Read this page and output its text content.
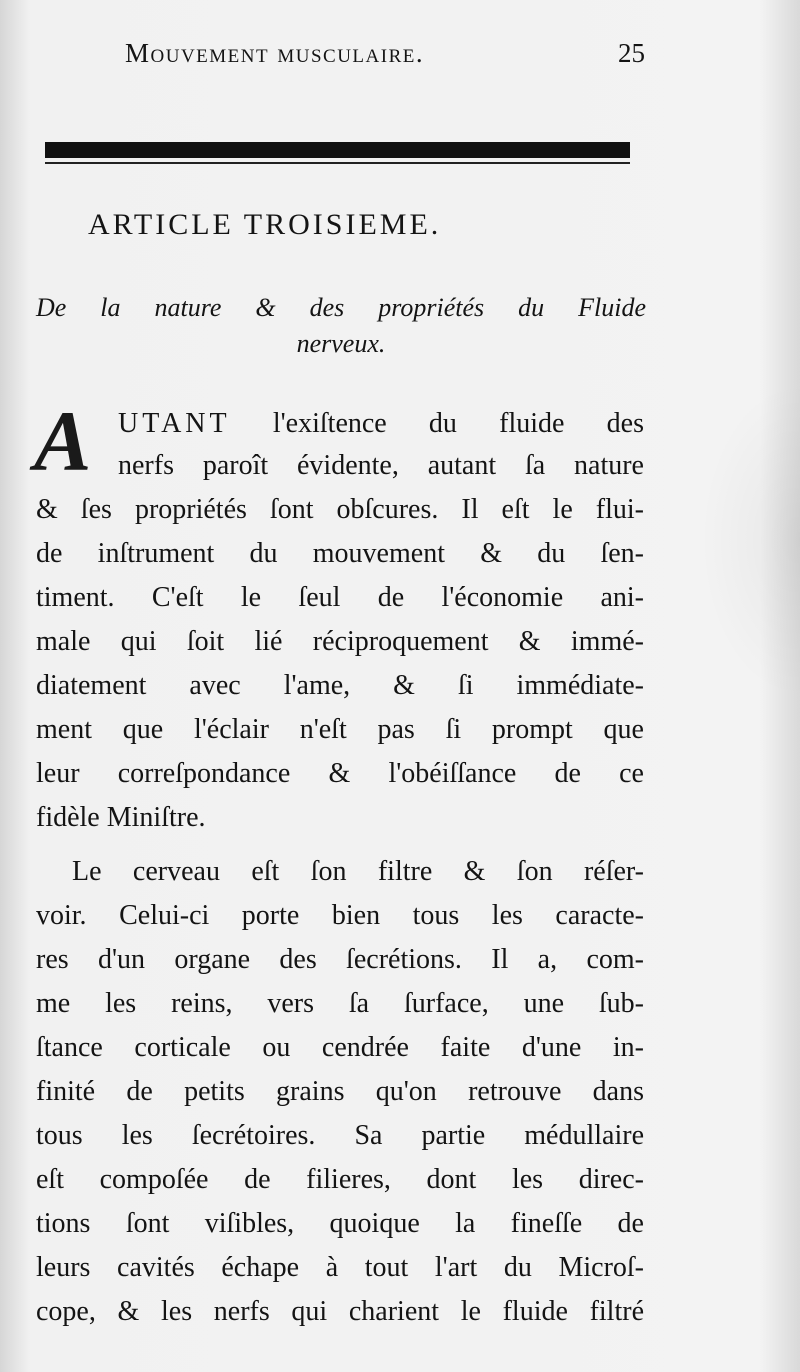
Mouvement musculaire.	25
ARTICLE TROISIEME.
De la nature & des propriétés du Fluide
nerveux.
A UTANT l'exiſtence du fluide des
nerfs paroît évidente, autant ſa nature
& ſes propriétés ſont obſcures. Il eſt le flui-
de inſtrument du mouvement & du ſen-
timent. C'eſt le ſeul de l'économie ani-
male qui ſoit lié réciproquement & immé-
diatement avec l'ame, & ſi immédiate-
ment que l'éclair n'eſt pas ſi prompt que
leur correſpondance & l'obéiſſance de ce
fidèle Miniſtre.
Le cerveau eſt ſon filtre & ſon réſer-
voir. Celui-ci porte bien tous les caracte-
res d'un organe des ſecrétions. Il a, com-
me les reins, vers ſa ſurface, une ſub-
ſtance corticale ou cendrée faite d'une in-
finité de petits grains qu'on retrouve dans
tous les ſecrétoires. Sa partie médullaire
eſt compoſée de filieres, dont les direc-
tions ſont viſibles, quoique la fineſſe de
leurs cavités échape à tout l'art du Microſ-
cope, & les nerfs qui charient le fluide filtré
